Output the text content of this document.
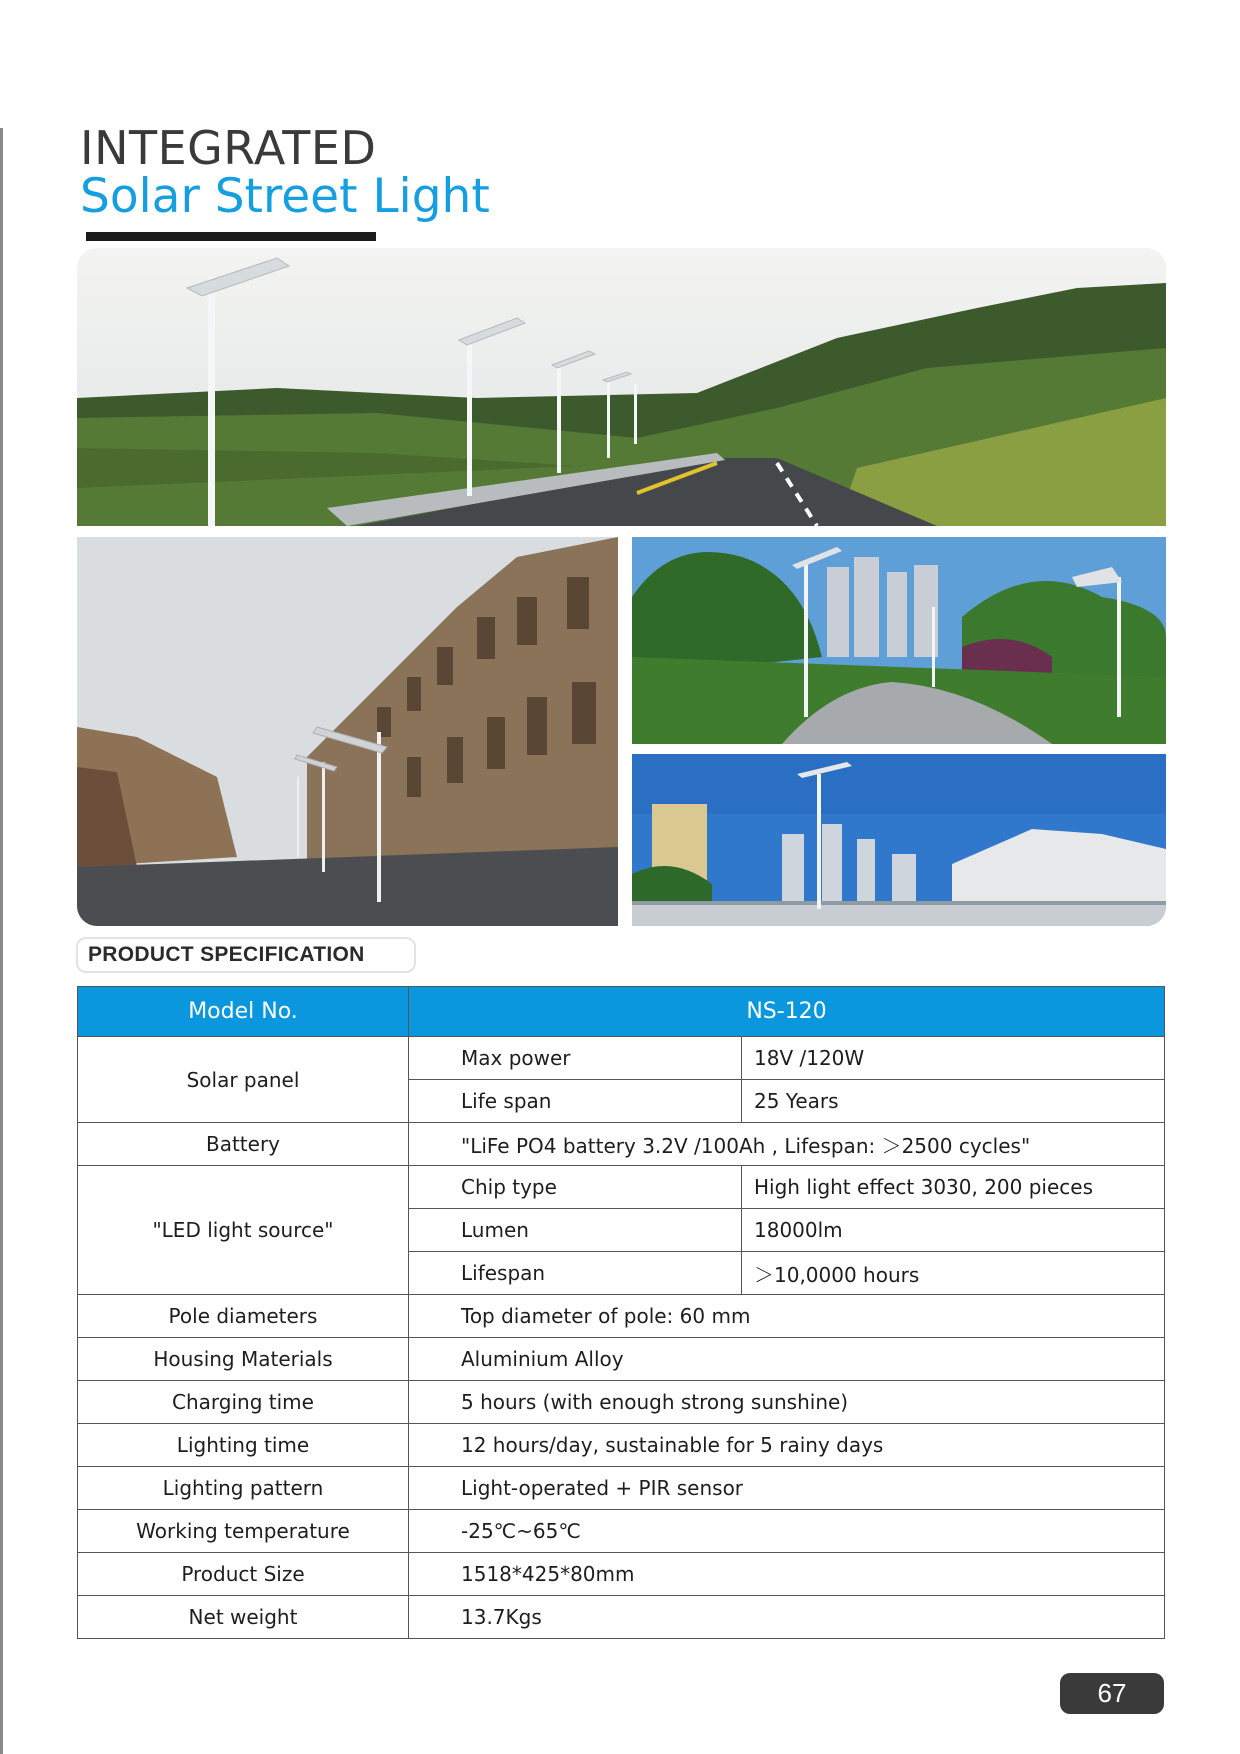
INTEGRATED
Solar Street Light
PRODUCT SPECIFICATION
Model No.	NS-120	
Solar panel	Max power	18V /120W
	Life span	25 Years
Battery	"LiFe PO4 battery 3.2V /100Ah , Lifespan: ＞2500 cycles"	
"LED light source"	Chip type	High light effect 3030, 200 pieces
	Lumen	18000lm
	Lifespan	＞10,0000 hours
Pole diameters	Top diameter of pole: 60 mm	
Housing Materials	Aluminium Alloy	
Charging time	5 hours (with enough strong sunshine)	
Lighting time	12 hours/day, sustainable for 5 rainy days	
Lighting pattern	Light-operated + PIR sensor	
Working temperature	-25℃~65℃	
Product Size	1518*425*80mm	
Net weight	13.7Kgs	
67
